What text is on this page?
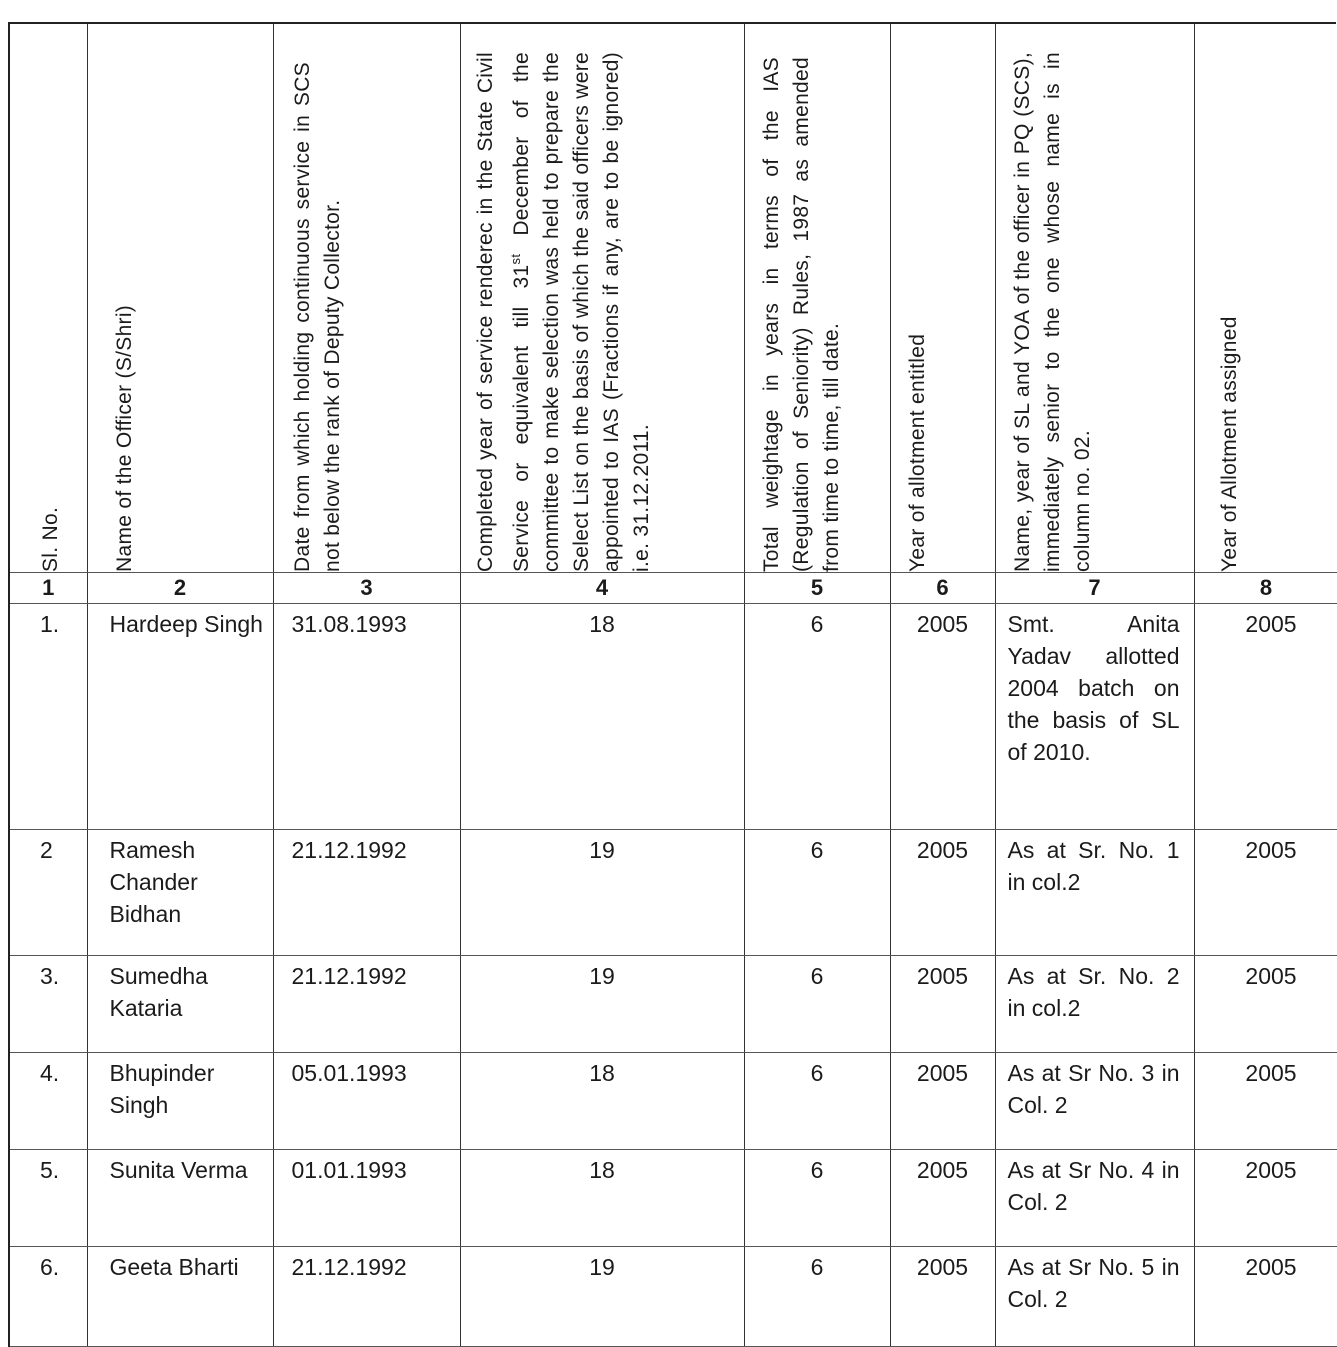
Sl. No.	Name of the Officer (S/Shri)	Date from which holding continuous service in SCS not below the rank of Deputy Collector.	Completed year of service renderec in the State Civil Service or equivalent till 31st December of the committee to make selection was held to prepare the Select List on the basis of which the said officers were appointed to IAS (Fractions if any, are to be ignored) i.e. 31.12.2011.	Total weightage in years in terms of the IAS (Regulation of Seniority) Rules, 1987 as amended from time to time, till date.	Year of allotment entitled	Name, year of SL and YOA of the officer in PQ (SCS), immediately senior to the one whose name is in column no. 02.	Year of Allotment assigned

1	2	3	4	5	6	7	8
1.	Hardeep Singh	31.08.1993	18	6	2005	Smt. Anita Yadav allotted 2004 batch on the basis of SL of 2010.	2005
2	Ramesh Chander Bidhan	21.12.1992	19	6	2005	As at Sr. No. 1 in col.2	2005
3.	Sumedha Kataria	21.12.1992	19	6	2005	As at Sr. No. 2 in col.2	2005
4.	Bhupinder Singh	05.01.1993	18	6	2005	As at Sr No. 3 in Col. 2	2005
5.	Sunita Verma	01.01.1993	18	6	2005	As at Sr No. 4 in Col. 2	2005
6.	Geeta Bharti	21.12.1992	19	6	2005	As at Sr No. 5 in Col. 2	2005
